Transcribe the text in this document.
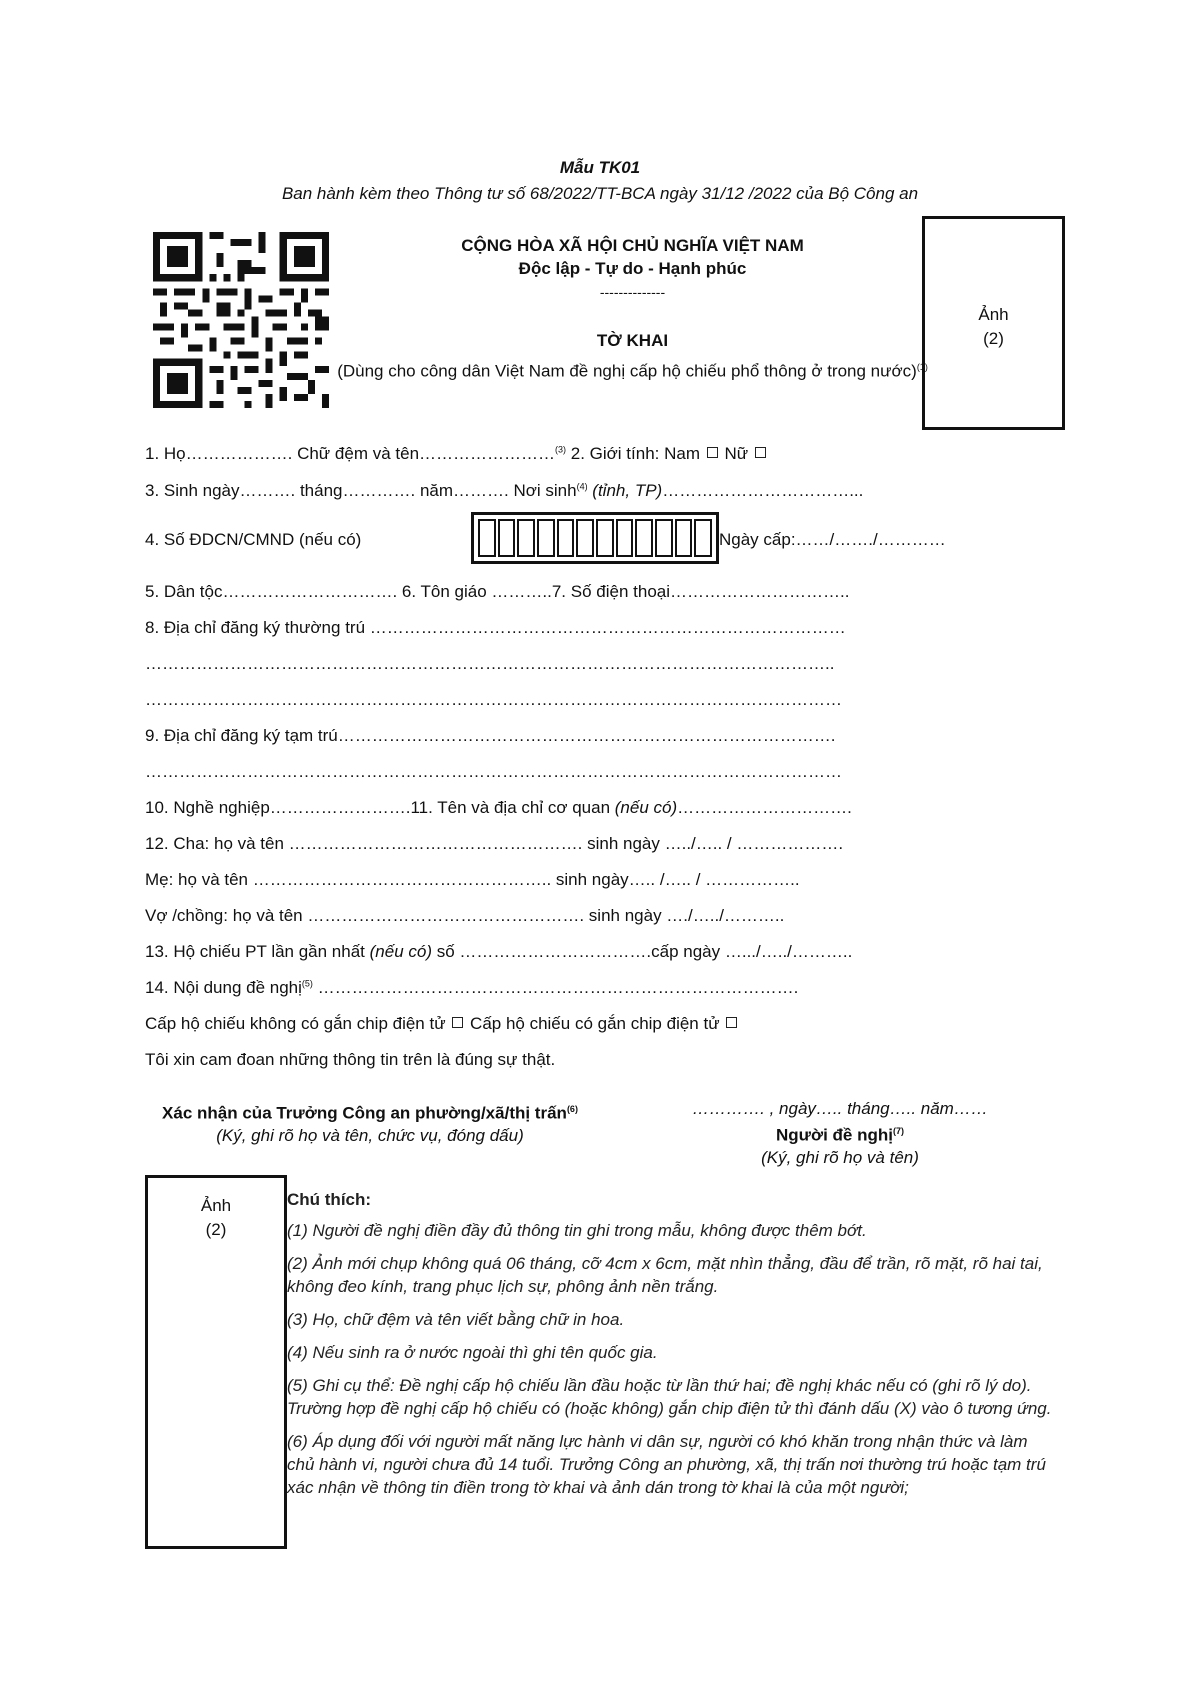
Mẫu TK01
Ban hành kèm theo Thông tư số 68/2022/TT-BCA ngày 31/12 /2022 của Bộ Công an
CỘNG HÒA XÃ HỘI CHỦ NGHĨA VIỆT NAM
Độc lập - Tự do - Hạnh phúc
--------------
TỜ KHAI
(Dùng cho công dân Việt Nam đề nghị cấp hộ chiếu phổ thông ở trong nước)$^{(1)}$
Ảnh
(2)
1. Họ………………. Chữ đệm và tên……………………$^{(3)}$ 2. Giới tính: Nam  Nữ
3. Sinh ngày………. tháng…………. năm………. Nơi $\sinh^{(4)}$ (tỉnh, TP)……………………………...
4. Số ĐDCN/CMND (nếu có)	Ngày cấp:……/……./…………
5. Dân tộc…………………………. 6. Tôn giáo ………..7. Số điện thoại…………………………..
8. Địa chỉ đăng ký thường trú …………………………………………………………………………
…………………………………………………………………………………………………………..
……………………………………………………………………………………………………………
9. Địa chỉ đăng ký tạm trú…………………………………………………………………………….
……………………………………………………………………………………………………………
10. Nghề nghiệp…………………….11. Tên và địa chỉ cơ quan (nếu có)………………………….
12. Cha: họ và tên ……………………………………………. sinh ngày …../….. / ……………….
Mẹ: họ và tên …………………………………………….. sinh ngày….. /….. / ……………..
Vợ /chồng: họ và tên …………………………………………. sinh ngày …./…../………..
13. Hộ chiếu PT lần gần nhất (nếu có) số …………………………….cấp ngày ….../…../………..
14. Nội dung đề nghị$^{(5)}$ ………………………………………………………………………….
Cấp hộ chiếu không có gắn chip điện tử  Cấp hộ chiếu có gắn chip điện tử
Tôi xin cam đoan những thông tin trên là đúng sự thật.
Xác nhận của Trưởng Công an phường/xã/thị trấn$^{(6)}$
(Ký, ghi rõ họ và tên, chức vụ, đóng dấu)
…………. , ngày….. tháng….. năm……
Người đề nghị$^{(7)}$
(Ký, ghi rõ họ và tên)
Ảnh
(2)

Chú thích:

(1) Người đề nghị điền đầy đủ thông tin ghi trong mẫu, không được thêm bớt.

(2) Ảnh mới chụp không quá 06 tháng, cỡ 4cm x 6cm, mặt nhìn thẳng, đầu để trần, rõ mặt, rõ hai tai, không đeo kính, trang phục lịch sự, phông ảnh nền trắng.

(3) Họ, chữ đệm và tên viết bằng chữ in hoa.

(4) Nếu sinh ra ở nước ngoài thì ghi tên quốc gia.

(5) Ghi cụ thể: Đề nghị cấp hộ chiếu lần đầu hoặc từ lần thứ hai; đề nghị khác nếu có (ghi rõ lý do). Trường hợp đề nghị cấp hộ chiếu có (hoặc không) gắn chip điện tử thì đánh dấu (X) vào ô tương ứng.

(6) Áp dụng đối với người mất năng lực hành vi dân sự, người có khó khăn trong nhận thức và làm chủ hành vi, người chưa đủ 14 tuổi. Trưởng Công an phường, xã, thị trấn nơi thường trú hoặc tạm trú xác nhận về thông tin điền trong tờ khai và ảnh dán trong tờ khai là của một người;
